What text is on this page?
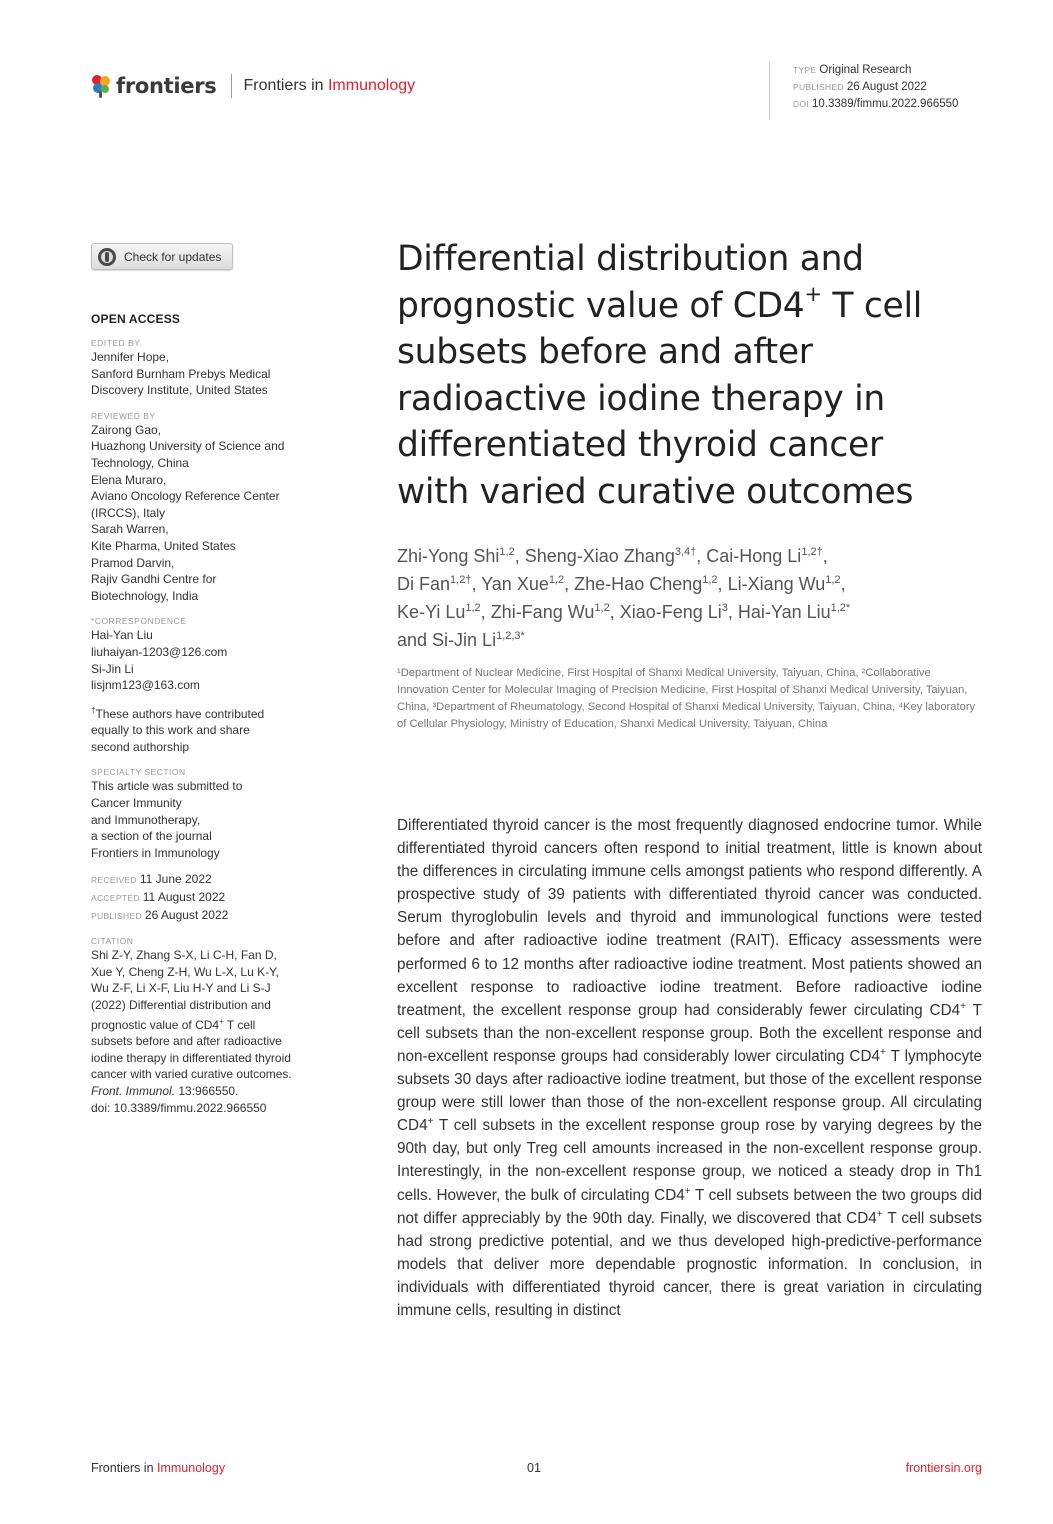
frontiers Frontiers in Immunology
TYPE Original Research
PUBLISHED 26 August 2022
DOI 10.3389/fimmu.2022.966550
Check for updates
OPEN ACCESS
EDITED BY
Jennifer Hope,
Sanford Burnham Prebys Medical
Discovery Institute, United States
REVIEWED BY
Zairong Gao,
Huazhong University of Science and
Technology, China
Elena Muraro,
Aviano Oncology Reference Center
(IRCCS), Italy
Sarah Warren,
Kite Pharma, United States
Pramod Darvin,
Rajiv Gandhi Centre for
Biotechnology, India
*CORRESPONDENCE
Hai-Yan Liu
liuhaiyan-1203@126.com
Si-Jin Li
lisjnm123@163.com
†These authors have contributed
equally to this work and share
second authorship
SPECIALTY SECTION
This article was submitted to
Cancer Immunity
and Immunotherapy,
a section of the journal
Frontiers in Immunology
RECEIVED 11 June 2022
ACCEPTED 11 August 2022
PUBLISHED 26 August 2022
CITATION
Shi Z-Y, Zhang S-X, Li C-H, Fan D,
Xue Y, Cheng Z-H, Wu L-X, Lu K-Y,
Wu Z-F, Li X-F, Liu H-Y and Li S-J
(2022) Differential distribution and
prognostic value of CD4+ T cell
subsets before and after radioactive
iodine therapy in differentiated thyroid
cancer with varied curative outcomes.
Front. Immunol. 13:966550.
doi: 10.3389/fimmu.2022.966550
Differential distribution and
prognostic value of CD4+ T cell
subsets before and after
radioactive iodine therapy in
differentiated thyroid cancer
with varied curative outcomes
Zhi-Yong Shi$^{1,2}$, Sheng-Xiao Zhang$^{3,4\dagger}$, Cai-Hong $Li^{1,2\dagger}$,
Di Fan$^{1,2\dagger}$, Yan Xue$^{1,2}$, Zhe-Hao Cheng$^{1,2}$, Li-Xiang Wu$^{1,2}$,
Ke-Yi Lu$^{1,2}$, Zhi-Fang Wu$^{1,2}$, Xiao-Feng Li$^3$, Hai-Yan Liu$^{1,2*}$
and Si-Jin $Li^{1,2,3*}$
¹Department of Nuclear Medicine, First Hospital of Shanxi Medical University, Taiyuan, China, ²Collaborative Innovation Center for Molecular Imaging of Precision Medicine, First Hospital of Shanxi Medical University, Taiyuan, China, ³Department of Rheumatology, Second Hospital of Shanxi Medical University, Taiyuan, China, ⁴Key laboratory of Cellular Physiology, Ministry of Education, Shanxi Medical University, Taiyuan, China
Differentiated thyroid cancer is the most frequently diagnosed endocrine tumor. While differentiated thyroid cancers often respond to initial treatment, little is known about the differences in circulating immune cells amongst patients who respond differently. A prospective study of 39 patients with differentiated thyroid cancer was conducted. Serum thyroglobulin levels and thyroid and immunological functions were tested before and after radioactive iodine treatment (RAIT). Efficacy assessments were performed 6 to 12 months after radioactive iodine treatment. Most patients showed an excellent response to radioactive iodine treatment. Before radioactive iodine treatment, the excellent response group had considerably fewer circulating CD4+ T cell subsets than the non-excellent response group. Both the excellent response and non-excellent response groups had considerably lower circulating CD4+ T lymphocyte subsets 30 days after radioactive iodine treatment, but those of the excellent response group were still lower than those of the non-excellent response group. All circulating CD4+ T cell subsets in the excellent response group rose by varying degrees by the 90th day, but only Treg cell amounts increased in the non-excellent response group. Interestingly, in the non-excellent response group, we noticed a steady drop in Th1 cells. However, the bulk of circulating CD4+ T cell subsets between the two groups did not differ appreciably by the 90th day. Finally, we discovered that CD4+ T cell subsets had strong predictive potential, and we thus developed high-predictive-performance models that deliver more dependable prognostic information. In conclusion, in individuals with differentiated thyroid cancer, there is great variation in circulating immune cells, resulting in distinct
Frontiers in Immunology	01	frontiersin.org
